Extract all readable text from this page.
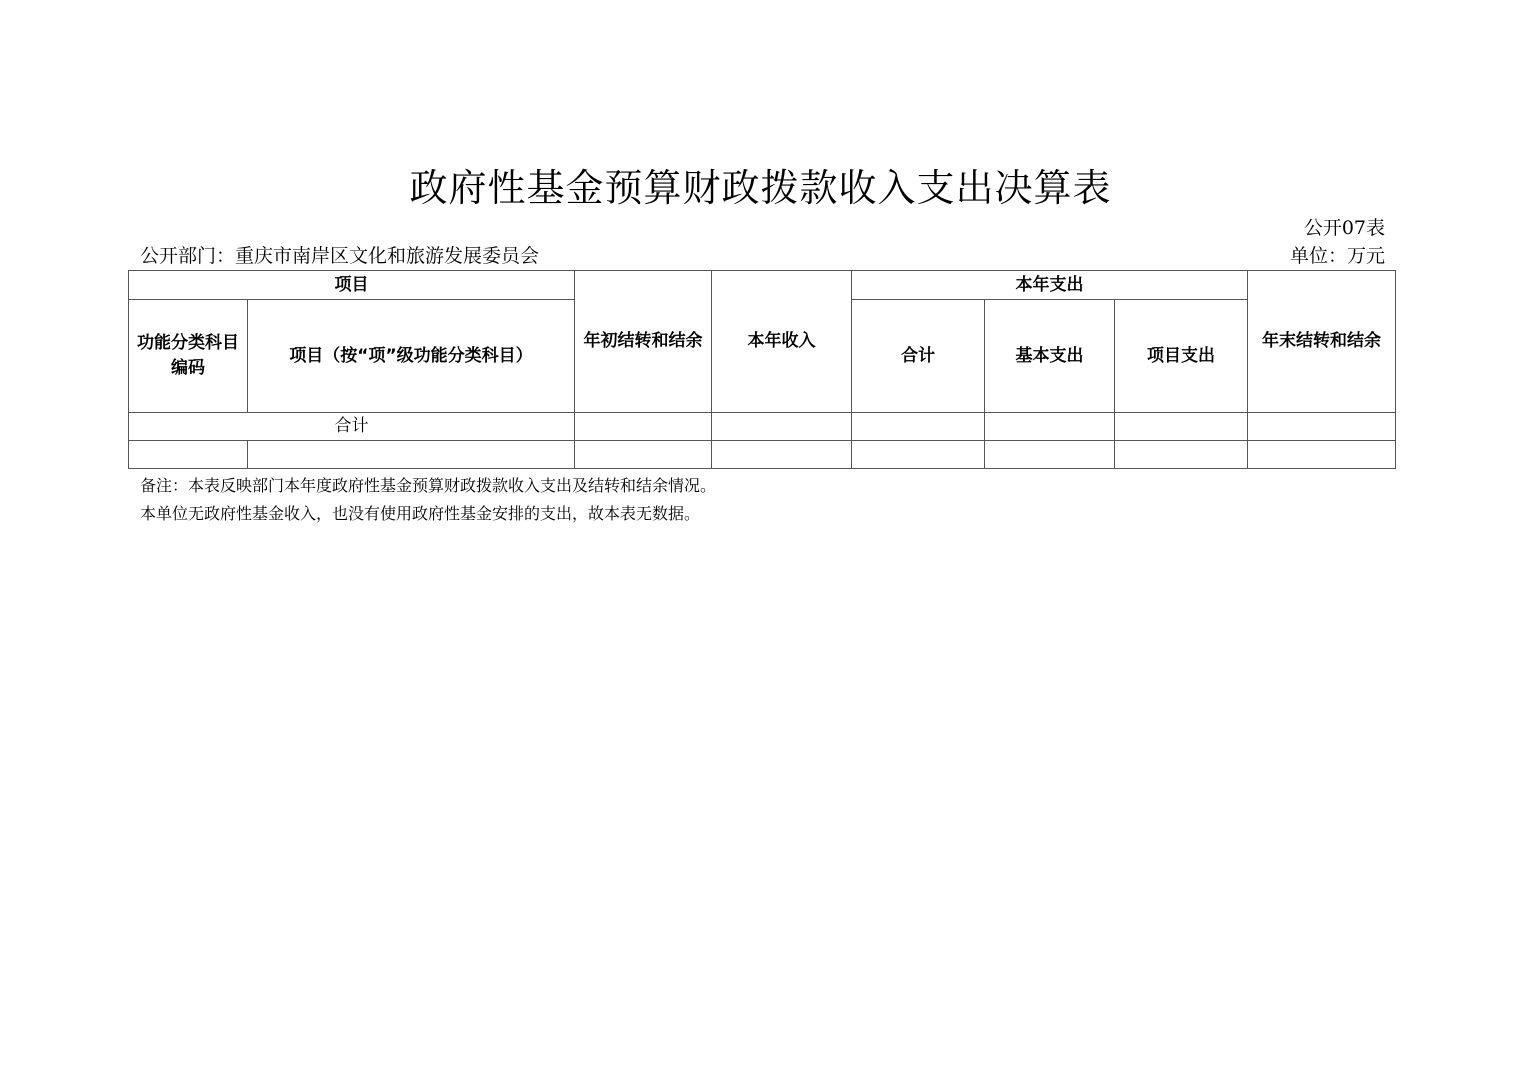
政府性基金预算财政拨款收入支出决算表
公开07表
公开部门：重庆市南岸区文化和旅游发展委员会	单位：万元
项目		年初结转和结余	本年收入	本年支出			年末结转和结余
功能分类科目编码	项目（按“项”级功能分类科目）			合计	基本支出	项目支出	
合计							

备注：本表反映部门本年度政府性基金预算财政拨款收入支出及结转和结余情况。
本单位无政府性基金收入，也没有使用政府性基金安排的支出，故本表无数据。
